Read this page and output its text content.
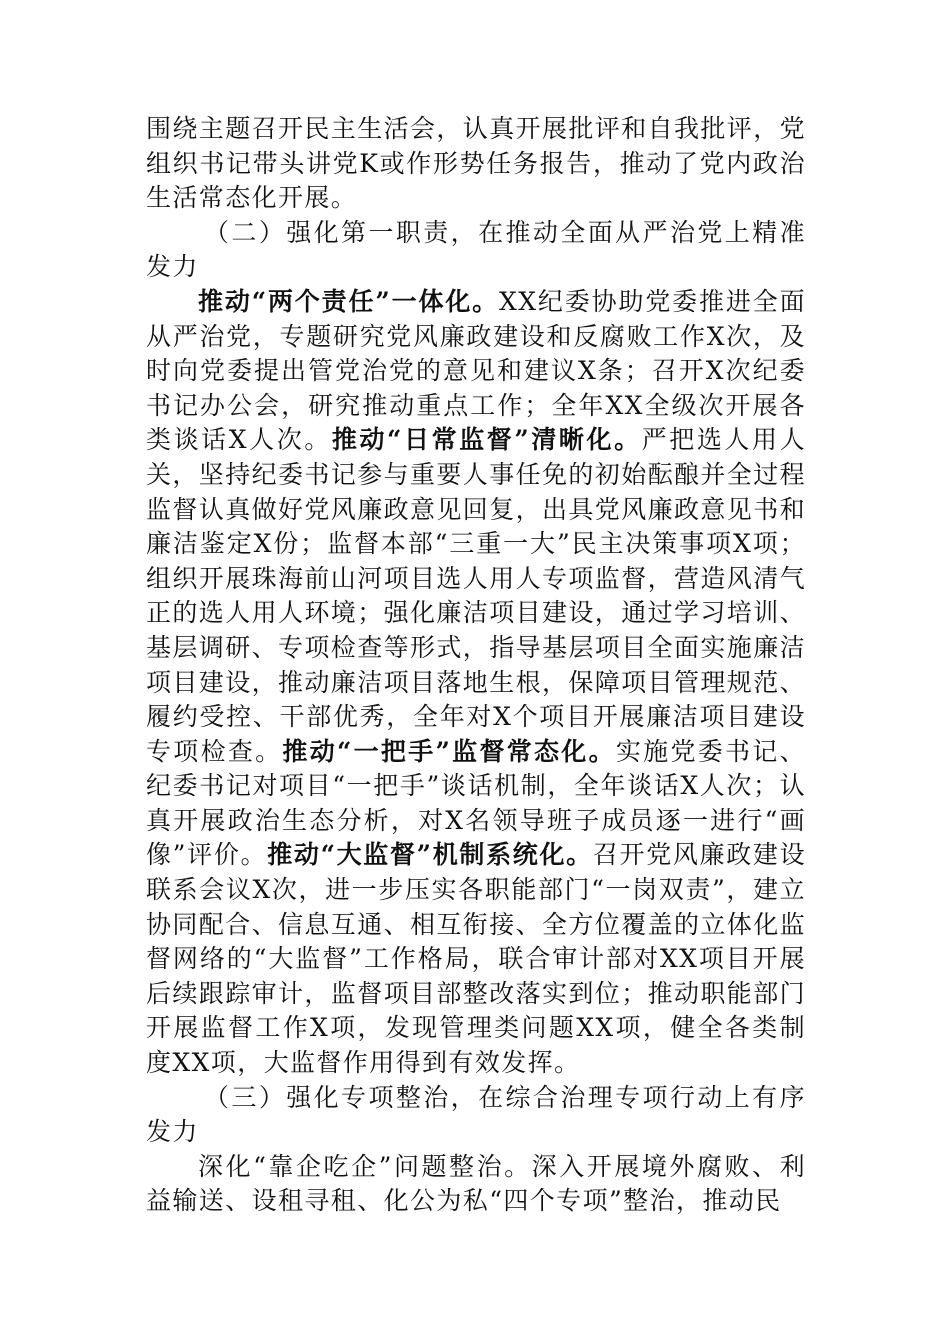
围绕主题召开民主生活会，认真开展批评和自我批评，党组织书记带头讲党K或作形势任务报告，推动了党内政治生活常态化开展。

（二）强化第一职责，在推动全面从严治党上精准发力

推动“两个责任”一体化。XX纪委协助党委推进全面从严治党，专题研究党风廉政建设和反腐败工作X次，及时向党委提出管党治党的意见和建议X条；召开X次纪委书记办公会，研究推动重点工作；全年XX全级次开展各类谈话X人次。推动“日常监督”清晰化。严把选人用人关，坚持纪委书记参与重要人事任免的初始酝酿并全过程监督认真做好党风廉政意见回复，出具党风廉政意见书和廉洁鉴定X份；监督本部“三重一大”民主决策事项X项；组织开展珠海前山河项目选人用人专项监督，营造风清气正的选人用人环境；强化廉洁项目建设，通过学习培训、基层调研、专项检查等形式，指导基层项目全面实施廉洁项目建设，推动廉洁项目落地生根，保障项目管理规范、履约受控、干部优秀，全年对X个项目开展廉洁项目建设专项检查。推动“一把手”监督常态化。实施党委书记、纪委书记对项目“一把手”谈话机制，全年谈话X人次；认真开展政治生态分析，对X名领导班子成员逐一进行“画像”评价。推动“大监督”机制系统化。召开党风廉政建设联系会议X次，进一步压实各职能部门“一岗双责”，建立协同配合、信息互通、相互衔接、全方位覆盖的立体化监督网络的“大监督”工作格局，联合审计部对XX项目开展后续跟踪审计，监督项目部整改落实到位；推动职能部门开展监督工作X项，发现管理类问题XX项，健全各类制度XX项，大监督作用得到有效发挥。

（三）强化专项整治，在综合治理专项行动上有序发力

深化“靠企吃企”问题整治。深入开展境外腐败、利益输送、设租寻租、化公为私“四个专项”整治，推动民
